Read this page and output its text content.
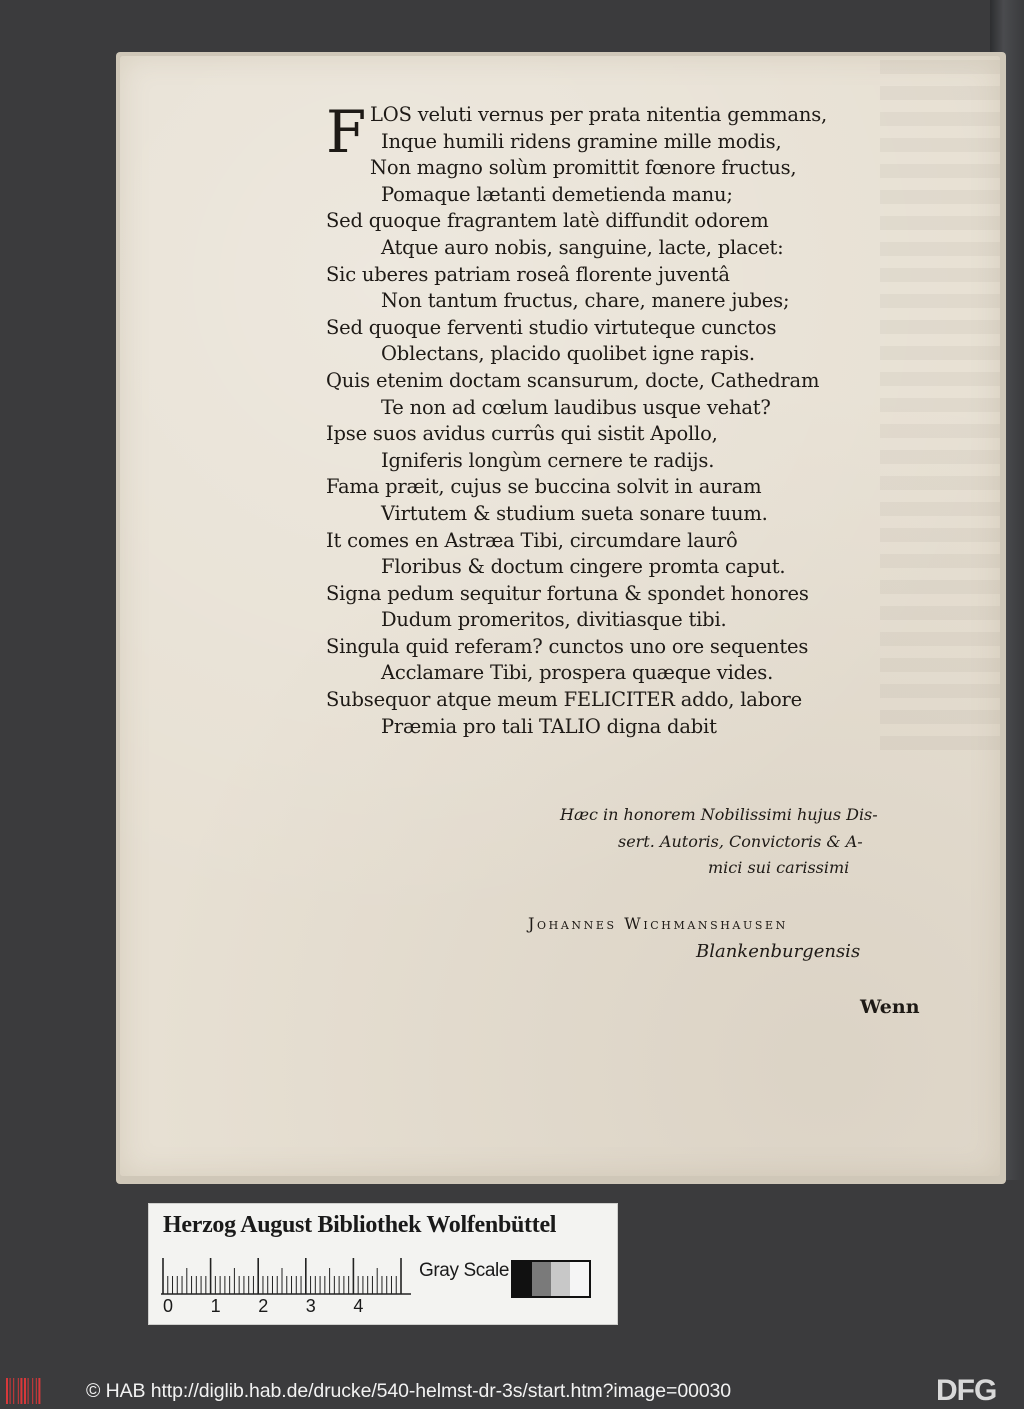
F LOS veluti vernus per prata nitentia gemmans,
Inque humili ridens gramine mille modis,
Non magno solùm promittit fœnore fructus,
Pomaque lætanti demetienda manu;
Sed quoque fragrantem latè diffundit odorem
Atque auro nobis, sanguine, lacte, placet:
Sic uberes patriam roseâ florente juventâ
Non tantum fructus, chare, manere jubes;
Sed quoque ferventi studio virtuteque cunctos
Oblectans, placido quolibet igne rapis.
Quis etenim doctam scansurum, docte, Cathedram
Te non ad cœlum laudibus usque vehat?
Ipse suos avidus currûs qui sistit Apollo,
Igniferis longùm cernere te radijs.
Fama præit, cujus se buccina solvit in auram
Virtutem & studium sueta sonare tuum.
It comes en Astræa Tibi, circumdare laurô
Floribus & doctum cingere promta caput.
Signa pedum sequitur fortuna & spondet honores
Dudum promeritos, divitiasque tibi.
Singula quid referam? cunctos uno ore sequentes
Acclamare Tibi, prospera quæque vides.
Subsequor atque meum FELICITER addo, labore
Præmia pro tali TALIO digna dabit
Hæc in honorem Nobilissimi hujus Dis-
sert. Autoris, Convictoris & A-
mici sui carissimi
Johannes Wichmanshausen
Blankenburgensis
Wenn
Herzog August Bibliothek Wolfenbüttel
0 1 2 3 4
Gray Scale
© HAB http://diglib.hab.de/drucke/540-helmst-dr-3s/start.htm?image=00030	DFG
